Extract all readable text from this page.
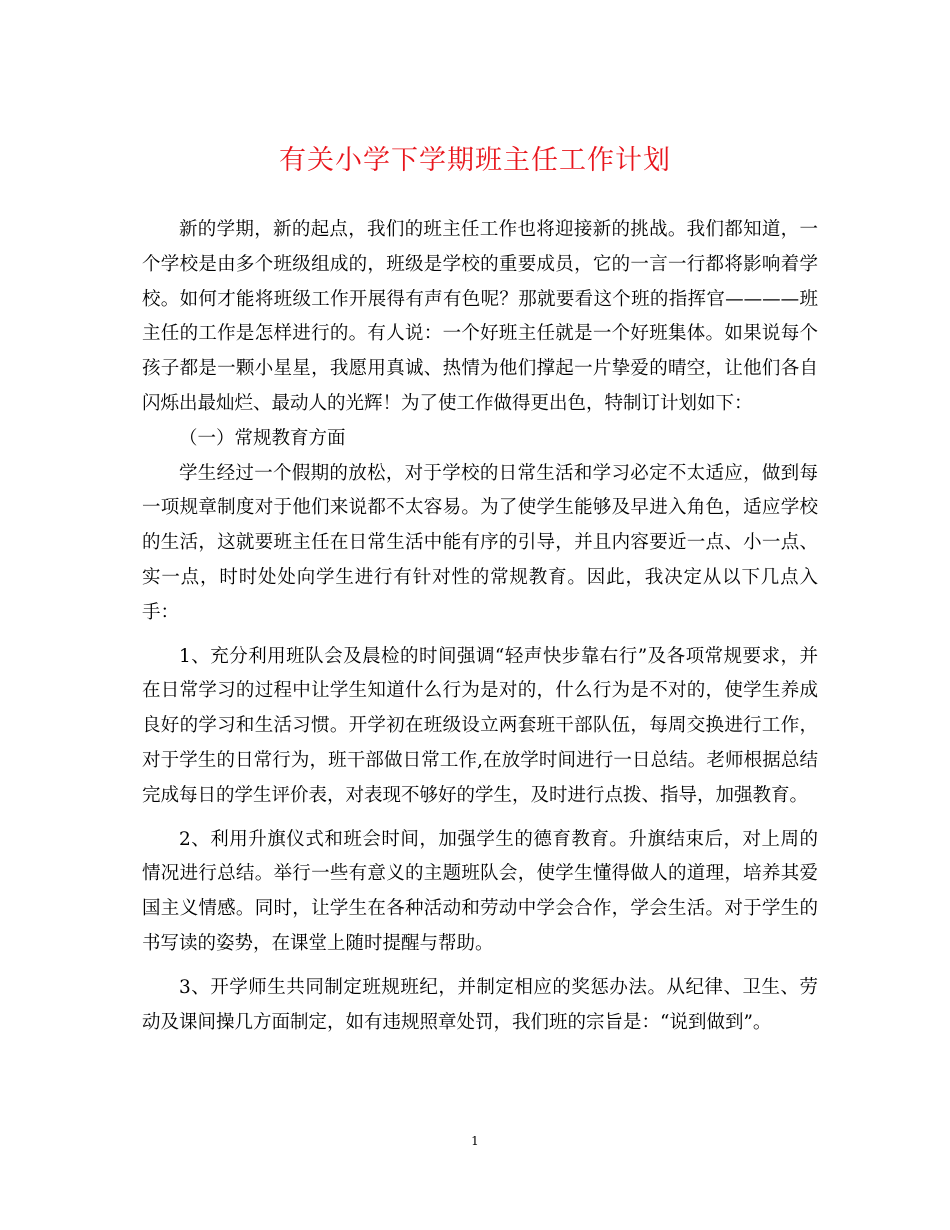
有关小学下学期班主任工作计划

新的学期，新的起点，我们的班主任工作也将迎接新的挑战。我们都知道，一个学校是由多个班级组成的，班级是学校的重要成员，它的一言一行都将影响着学校。如何才能将班级工作开展得有声有色呢？那就要看这个班的指挥官————班主任的工作是怎样进行的。有人说：一个好班主任就是一个好班集体。如果说每个孩子都是一颗小星星，我愿用真诚、热情为他们撑起一片挚爱的晴空，让他们各自闪烁出最灿烂、最动人的光辉！为了使工作做得更出色，特制订计划如下：

（一）常规教育方面

学生经过一个假期的放松，对于学校的日常生活和学习必定不太适应，做到每一项规章制度对于他们来说都不太容易。为了使学生能够及早进入角色，适应学校的生活，这就要班主任在日常生活中能有序的引导，并且内容要近一点、小一点、实一点，时时处处向学生进行有针对性的常规教育。因此，我决定从以下几点入手：

1、充分利用班队会及晨检的时间强调“轻声快步靠右行”及各项常规要求，并在日常学习的过程中让学生知道什么行为是对的，什么行为是不对的，使学生养成良好的学习和生活习惯。开学初在班级设立两套班干部队伍，每周交换进行工作，对于学生的日常行为，班干部做日常工作,在放学时间进行一日总结。老师根据总结完成每日的学生评价表，对表现不够好的学生，及时进行点拨、指导，加强教育。

2、利用升旗仪式和班会时间，加强学生的德育教育。升旗结束后，对上周的情况进行总结。举行一些有意义的主题班队会，使学生懂得做人的道理，培养其爱国主义情感。同时，让学生在各种活动和劳动中学会合作，学会生活。对于学生的书写读的姿势，在课堂上随时提醒与帮助。

3、开学师生共同制定班规班纪，并制定相应的奖惩办法。从纪律、卫生、劳动及课间操几方面制定，如有违规照章处罚，我们班的宗旨是：“说到做到”。

1
